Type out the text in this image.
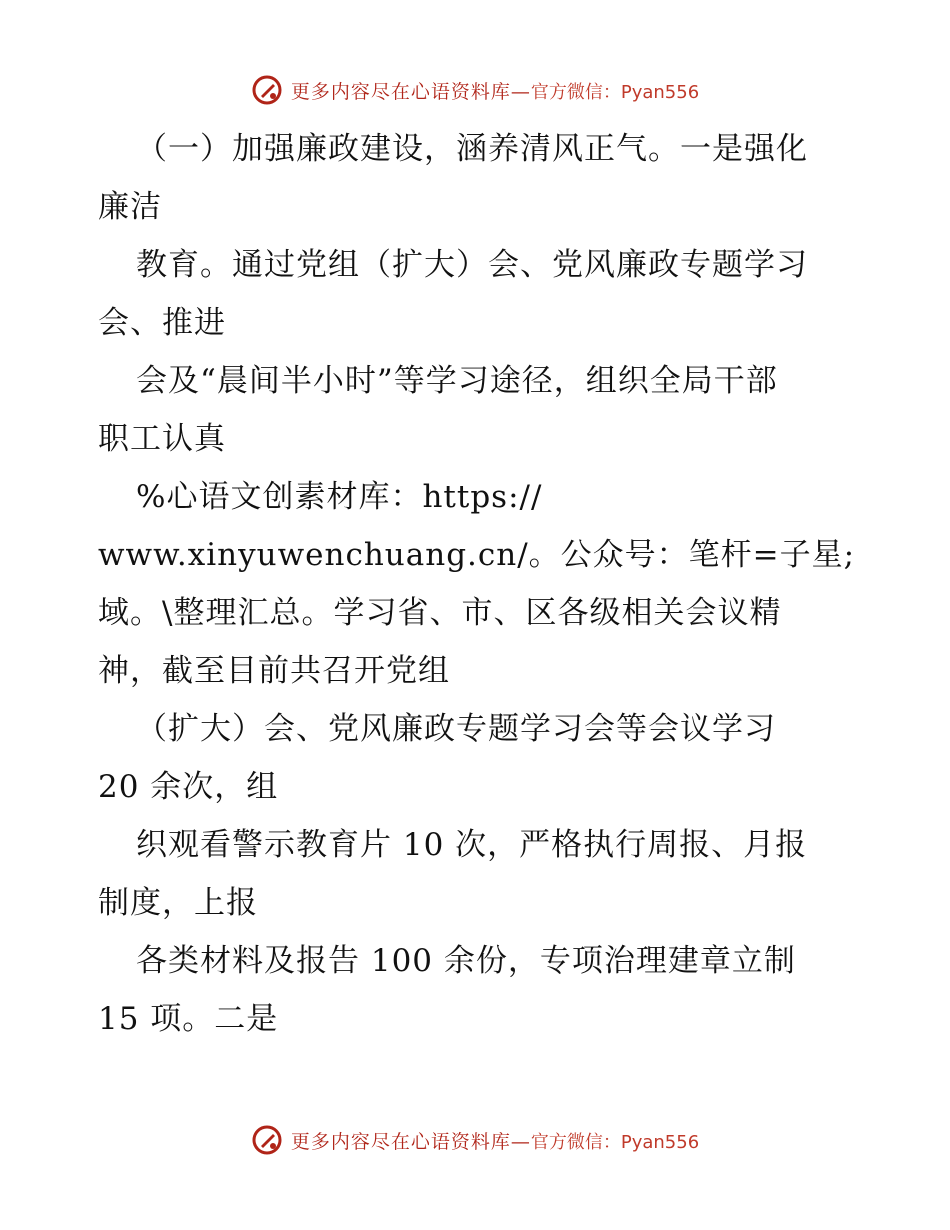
更多内容尽在心语资料库—官方微信：Pyan556
（一）加强廉政建设，涵养清风正气。一是强化
廉洁
教育。通过党组（扩大）会、党风廉政专题学习
会、推进
会及“晨间半小时”等学习途径，组织全局干部
职工认真
%心语文创素材库：https://
www.xinyuwenchuang.cn/。公众号：笔杆=子星;
域。\整理汇总。学习省、市、区各级相关会议精
神，截至目前共召开党组
（扩大）会、党风廉政专题学习会等会议学习
20 余次，组
织观看警示教育片 10 次，严格执行周报、月报
制度，上报
各类材料及报告 100 余份，专项治理建章立制
15 项。二是
更多内容尽在心语资料库—官方微信：Pyan556
